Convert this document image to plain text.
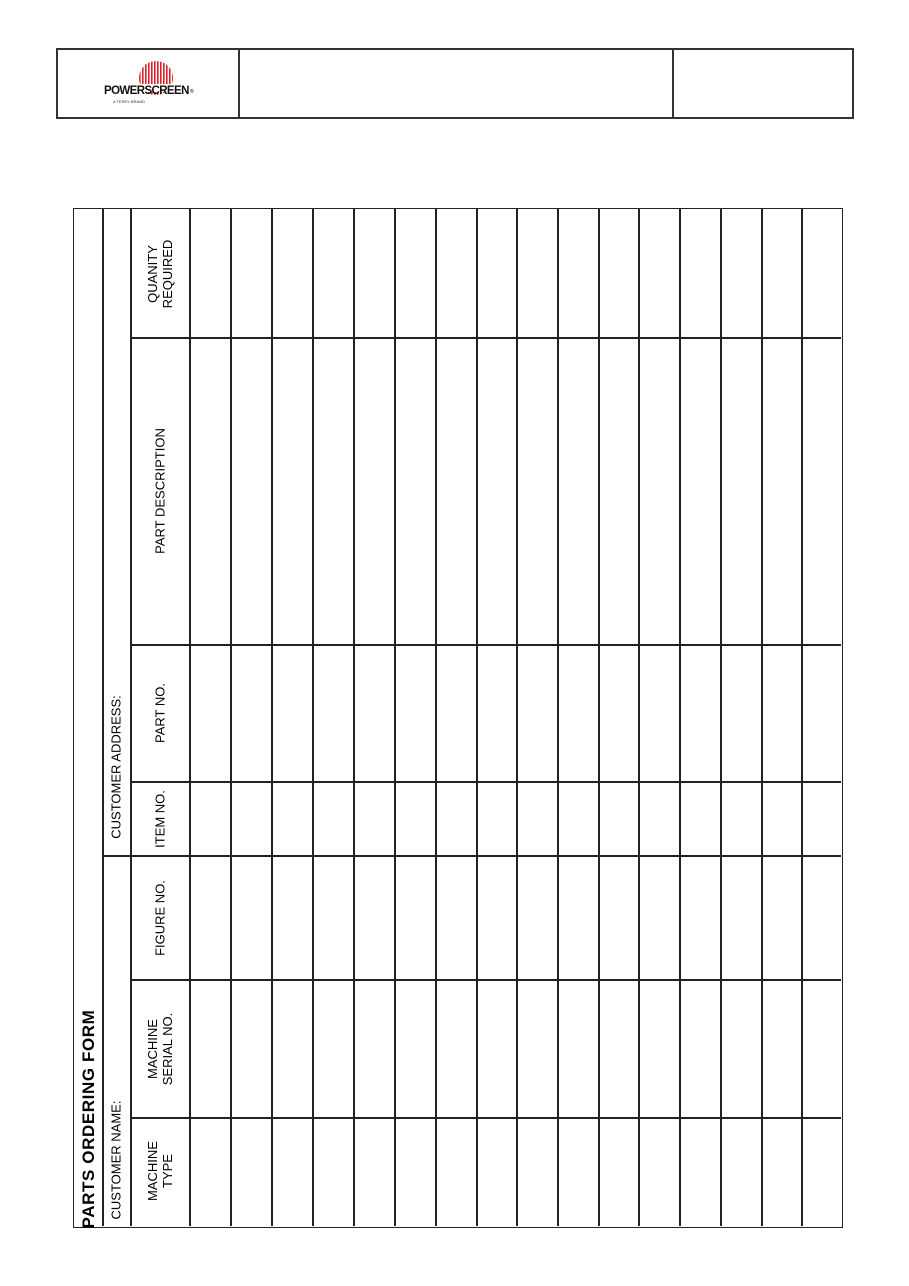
POWERSCREEN ®
A TEREX BRAND
PARTS ORDERING FORM CUSTOMER NAME:
CUSTOMER ADDRESS:
MACHINE TYPE
MACHINE SERIAL NO.
FIGURE NO.
ITEM NO.
PART NO.
PART DESCRIPTION
QUANITY REQUIRED
